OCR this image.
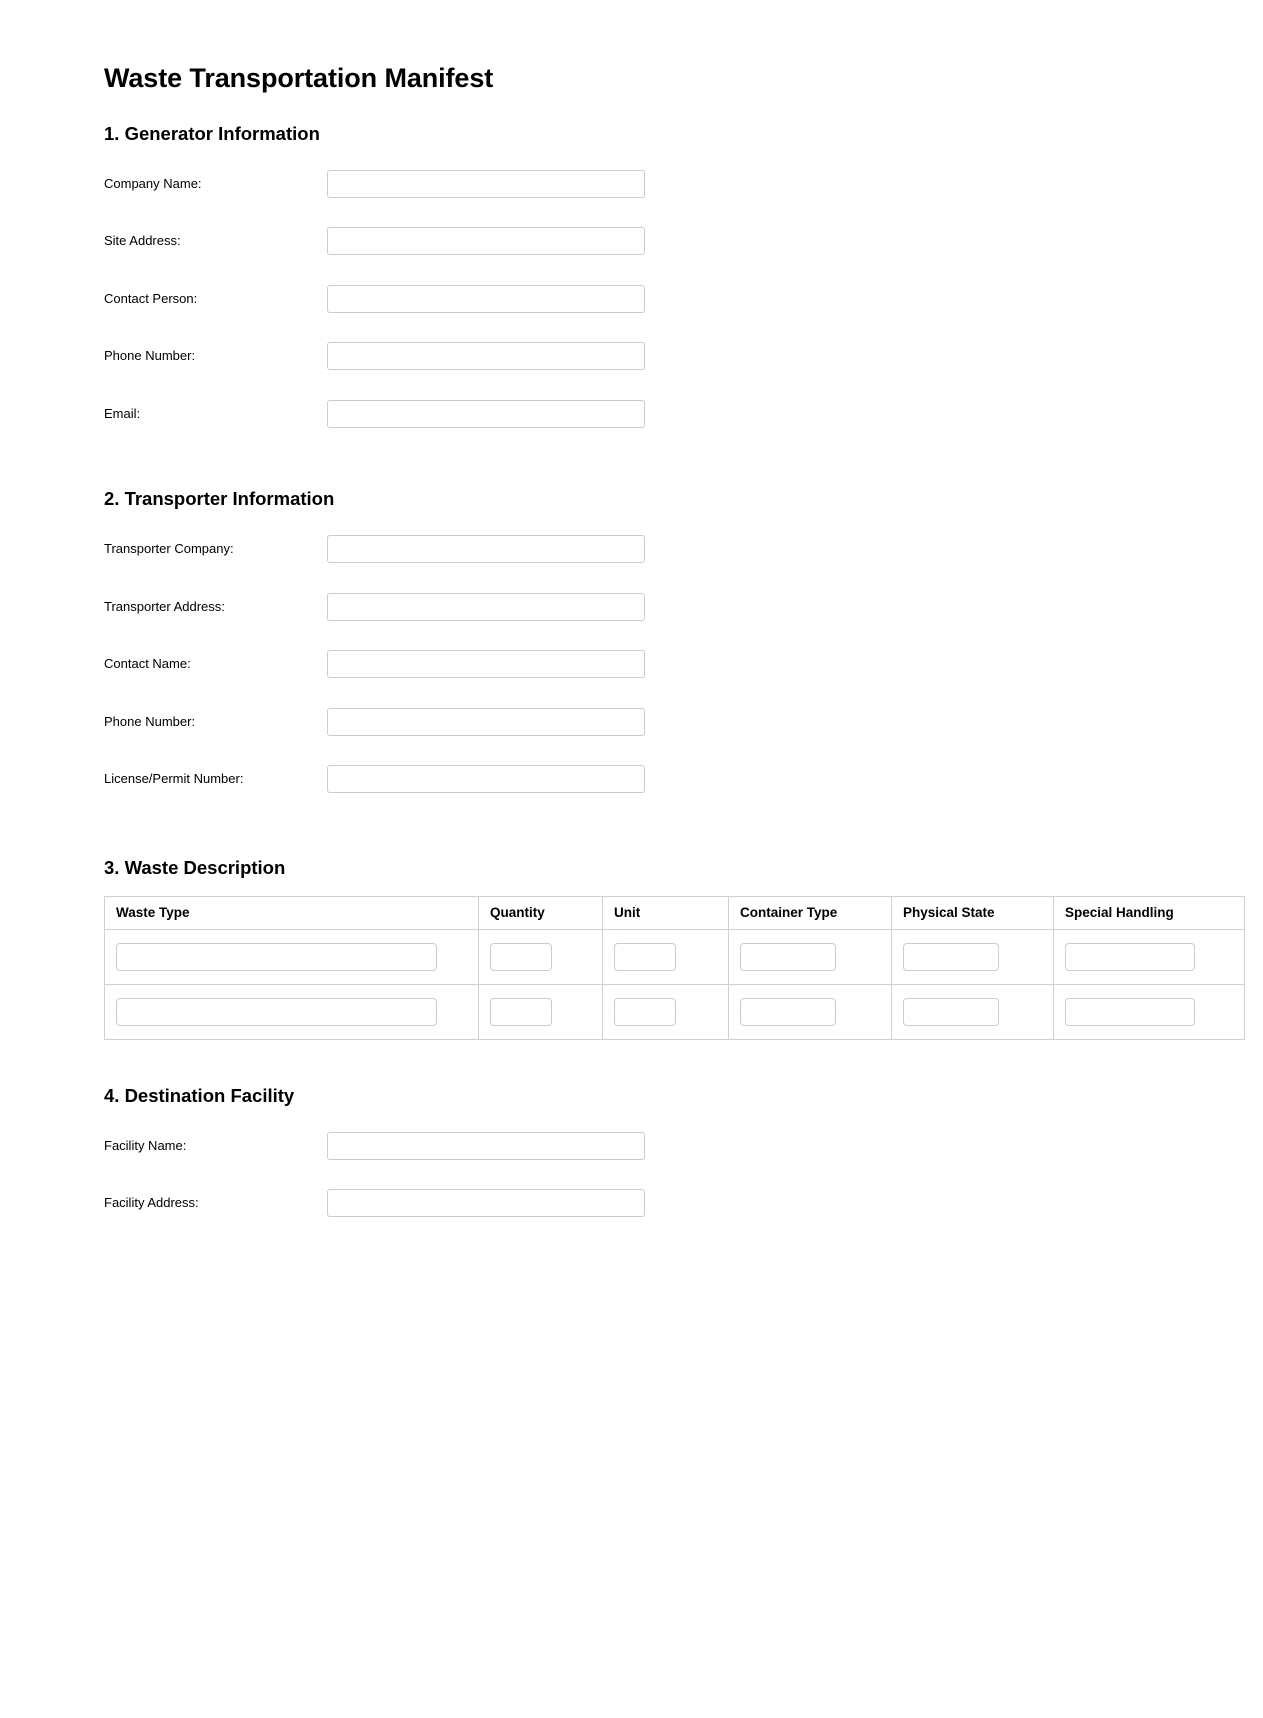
Waste Transportation Manifest
1. Generator Information
Company Name:
Site Address:
Contact Person:
Phone Number:
Email:
2. Transporter Information
Transporter Company:
Transporter Address:
Contact Name:
Phone Number:
License/Permit Number:
3. Waste Description
Waste Type	Quantity	Unit	Container Type	Physical State	Special Handling

4. Destination Facility
Facility Name:
Facility Address:
